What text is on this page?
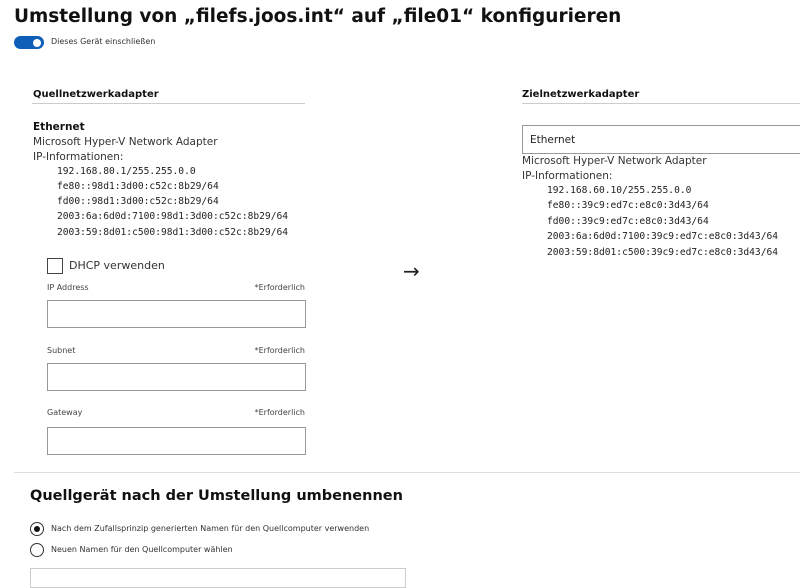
Umstellung von „filefs.joos.int“ auf „file01“ konfigurieren
Dieses Gerät einschließen
Quellnetzwerkadapter
Ethernet
Microsoft Hyper-V Network Adapter
IP-Informationen:
192.168.80.1/255.255.0.0
fe80::98d1:3d00:c52c:8b29/64
fd00::98d1:3d00:c52c:8b29/64
2003:6a:6d0d:7100:98d1:3d00:c52c:8b29/64
2003:59:8d01:c500:98d1:3d00:c52c:8b29/64
DHCP verwenden
IP Address	*Erforderlich
Subnet	*Erforderlich
Gateway	*Erforderlich
→
Zielnetzwerkadapter
Ethernet
Microsoft Hyper-V Network Adapter
IP-Informationen:
192.168.60.10/255.255.0.0
fe80::39c9:ed7c:e8c0:3d43/64
fd00::39c9:ed7c:e8c0:3d43/64
2003:6a:6d0d:7100:39c9:ed7c:e8c0:3d43/64
2003:59:8d01:c500:39c9:ed7c:e8c0:3d43/64
Quellgerät nach der Umstellung umbenennen
Nach dem Zufallsprinzip generierten Namen für den Quellcomputer verwenden
Neuen Namen für den Quellcomputer wählen
